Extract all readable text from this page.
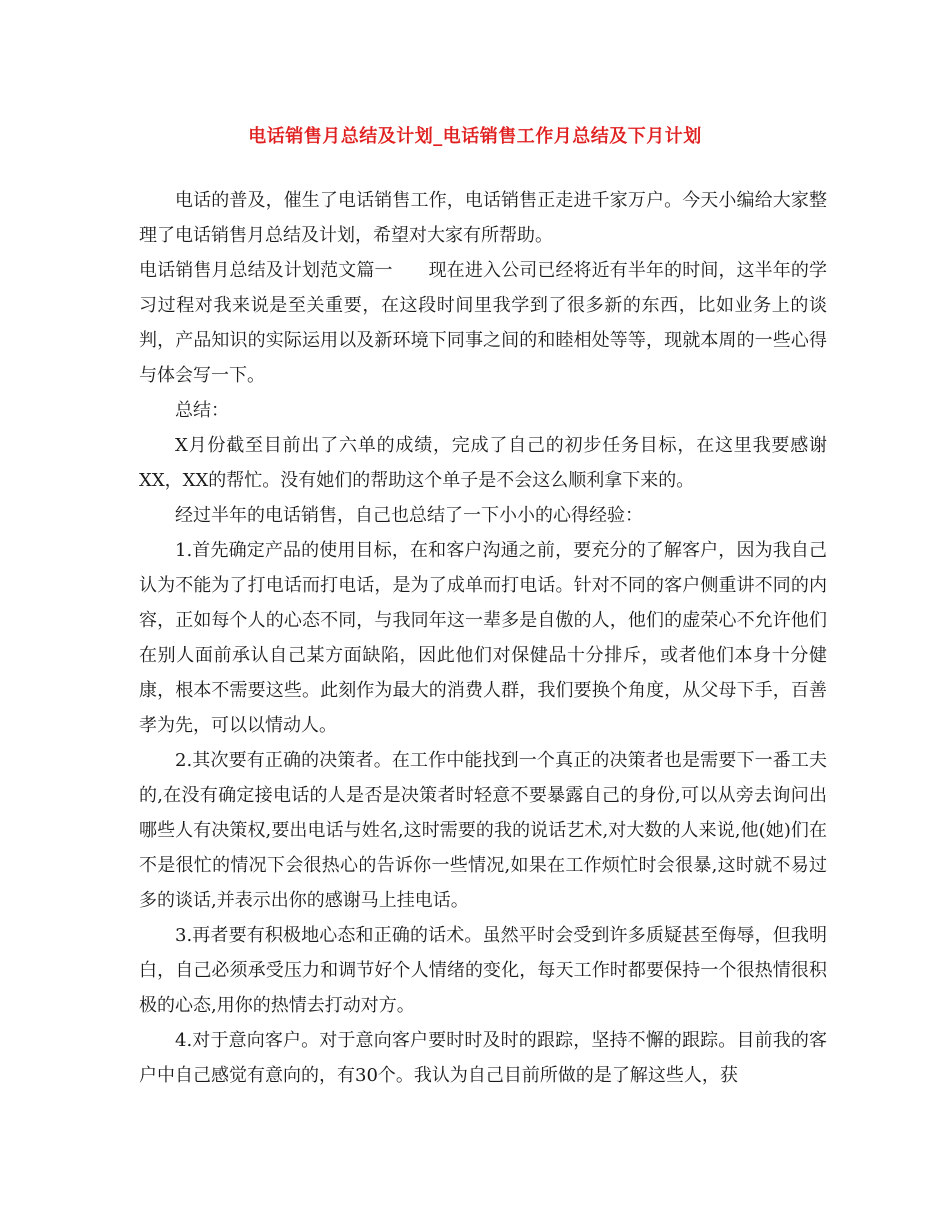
电话销售月总结及计划_电话销售工作月总结及下月计划

电话的普及，催生了电话销售工作，电话销售正走进千家万户。今天小编给大家整理了电话销售月总结及计划，希望对大家有所帮助。

电话销售月总结及计划范文篇一 现在进入公司已经将近有半年的时间，这半年的学习过程对我来说是至关重要，在这段时间里我学到了很多新的东西，比如业务上的谈判，产品知识的实际运用以及新环境下同事之间的和睦相处等等，现就本周的一些心得与体会写一下。

总结：

X月份截至目前出了六单的成绩，完成了自己的初步任务目标，在这里我要感谢XX，XX的帮忙。没有她们的帮助这个单子是不会这么顺利拿下来的。

经过半年的电话销售，自己也总结了一下小小的心得经验：

1.首先确定产品的使用目标，在和客户沟通之前，要充分的了解客户，因为我自己认为不能为了打电话而打电话，是为了成单而打电话。针对不同的客户侧重讲不同的内容，正如每个人的心态不同，与我同年这一辈多是自傲的人，他们的虚荣心不允许他们在别人面前承认自己某方面缺陷，因此他们对保健品十分排斥，或者他们本身十分健康，根本不需要这些。此刻作为最大的消费人群，我们要换个角度，从父母下手，百善孝为先，可以以情动人。

2.其次要有正确的决策者。在工作中能找到一个真正的决策者也是需要下一番工夫的,在没有确定接电话的人是否是决策者时轻意不要暴露自己的身份,可以从旁去询问出哪些人有决策权,要出电话与姓名,这时需要的我的说话艺术,对大数的人来说,他(她)们在不是很忙的情况下会很热心的告诉你一些情况,如果在工作烦忙时会很暴,这时就不易过多的谈话,并表示出你的感谢马上挂电话。

3.再者要有积极地心态和正确的话术。虽然平时会受到许多质疑甚至侮辱，但我明白，自己必须承受压力和调节好个人情绪的变化，每天工作时都要保持一个很热情很积极的心态,用你的热情去打动对方。

4.对于意向客户。对于意向客户要时时及时的跟踪，坚持不懈的跟踪。目前我的客户中自己感觉有意向的，有30个。我认为自己目前所做的是了解这些人，获
